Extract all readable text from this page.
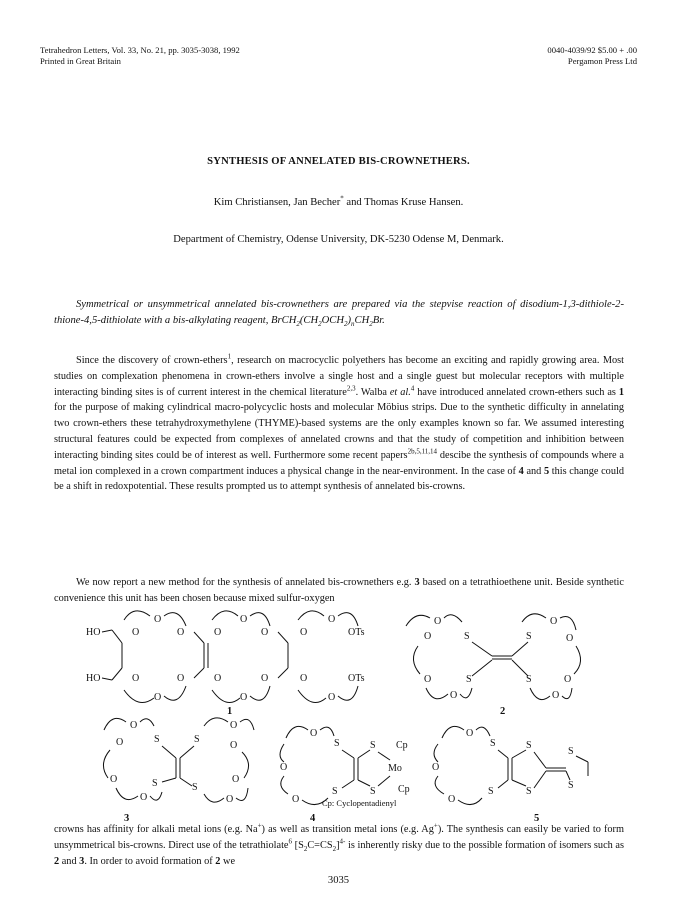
Tetrahedron Letters, Vol. 33, No. 21, pp. 3035-3038, 1992
Printed in Great Britain
0040-4039/92 $5.00 + .00
Pergamon Press Ltd
SYNTHESIS OF ANNELATED BIS-CROWNETHERS.
Kim Christiansen, Jan Becher* and Thomas Kruse Hansen.
Department of Chemistry, Odense University, DK-5230 Odense M, Denmark.
Symmetrical or unsymmetrical annelated bis-crownethers are prepared via the stepvise reaction of disodium-1,3-dithiole-2-thione-4,5-dithiolate with a bis-alkylating reagent, $BrCH_2(CH_2OCH_2)_nCH_2Br$.
Since the discovery of crown-ethers$^1$, research on macrocyclic polyethers has become an exciting and rapidly growing area. Most studies on complexation phenomena in crown-ethers involve a single host and a single guest but molecular receptors with multiple interacting binding sites is of current interest in the chemical literature$^{2,3}$. Walba et al.$^4$ have introduced annelated crown-ethers such as 1 for the purpose of making cylindrical macro-polycyclic hosts and molecular Möbius strips. Due to the synthetic difficulty in annelating two crown-ethers these tetrahydroxymethylene (THYME)-based systems are the only examples known so far. We assumed interesting structural features could be expected from complexes of annelated crowns and that the study of competition and inhibition between interacting binding sites could be of interest as well. Furthermore some recent papers$^{2b,5,11,14}$ descibe the synthesis of compounds where a metal ion complexed in a crown compartment induces a physical change in the near-environment. In the case of 4 and 5 this change could be a shift in redoxpotential. These results prompted us to attempt synthesis of annelated bis-crowns.
We now report a new method for the synthesis of annelated bis-crownethers e.g. 3 based on a tetrathioethene unit. Beside synthetic convenience this unit has been chosen because mixed sulfur-oxygen
HO
HO
O
O
O
O
O
O
O
O
O
O
O
O
O
O
O
O
OTs
OTs
1
O
O	S	S
O
O
O	S	S	O
O	O
2
O
O	S	S
O
O
O	S	S
O
O	O
3
O
S	S
Mo
Cp
Cp
O
O
S	S
Cp: Cyclopentadienyl
4
O
S	S
S
S
O
O
S	S
5
crowns has affinity for alkali metal ions (e.g. Na+) as well as transition metal ions (e.g. Ag+). The synthesis can easily be varied to form unsymmetrical bis-crowns. Direct use of the tetrathiolate$^6$ $[S_2C=CS_2]^{4-}$ is inherently risky due to the possible formation of isomers such as 2 and 3. In order to avoid formation of 2 we
3035
